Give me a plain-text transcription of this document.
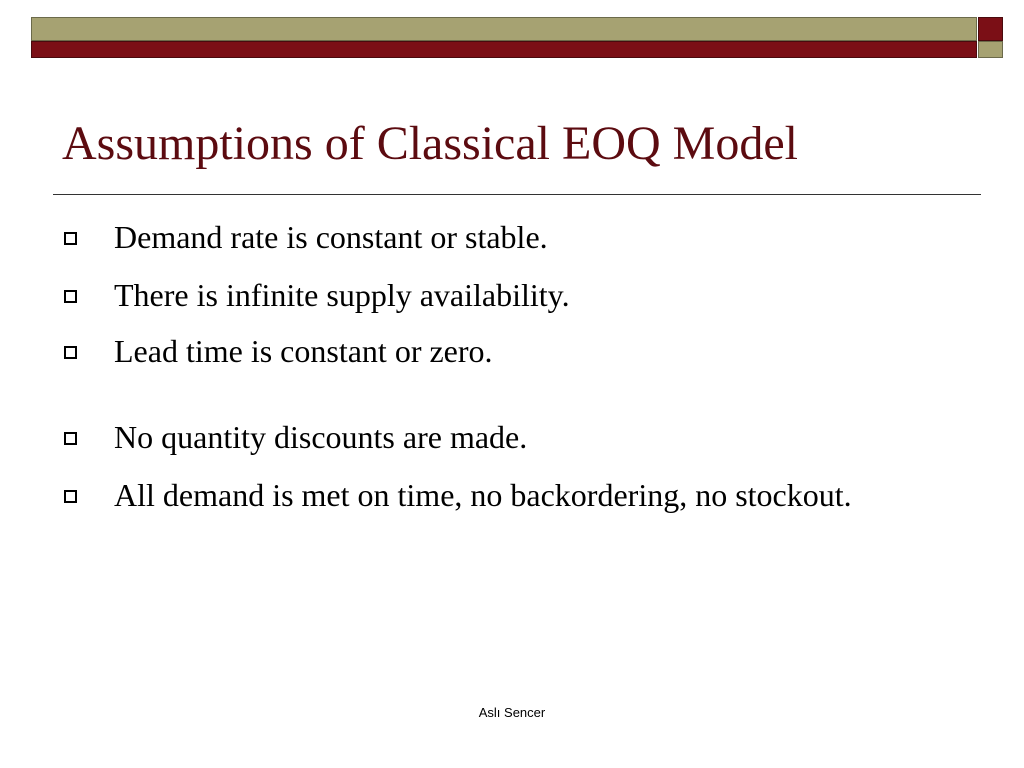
Assumptions of Classical EOQ Model
Demand rate is constant or stable.
There is infinite supply availability.
Lead time is constant or zero.
No quantity discounts are made.
All demand is met on time, no backordering, no stockout.
Aslı Sencer
